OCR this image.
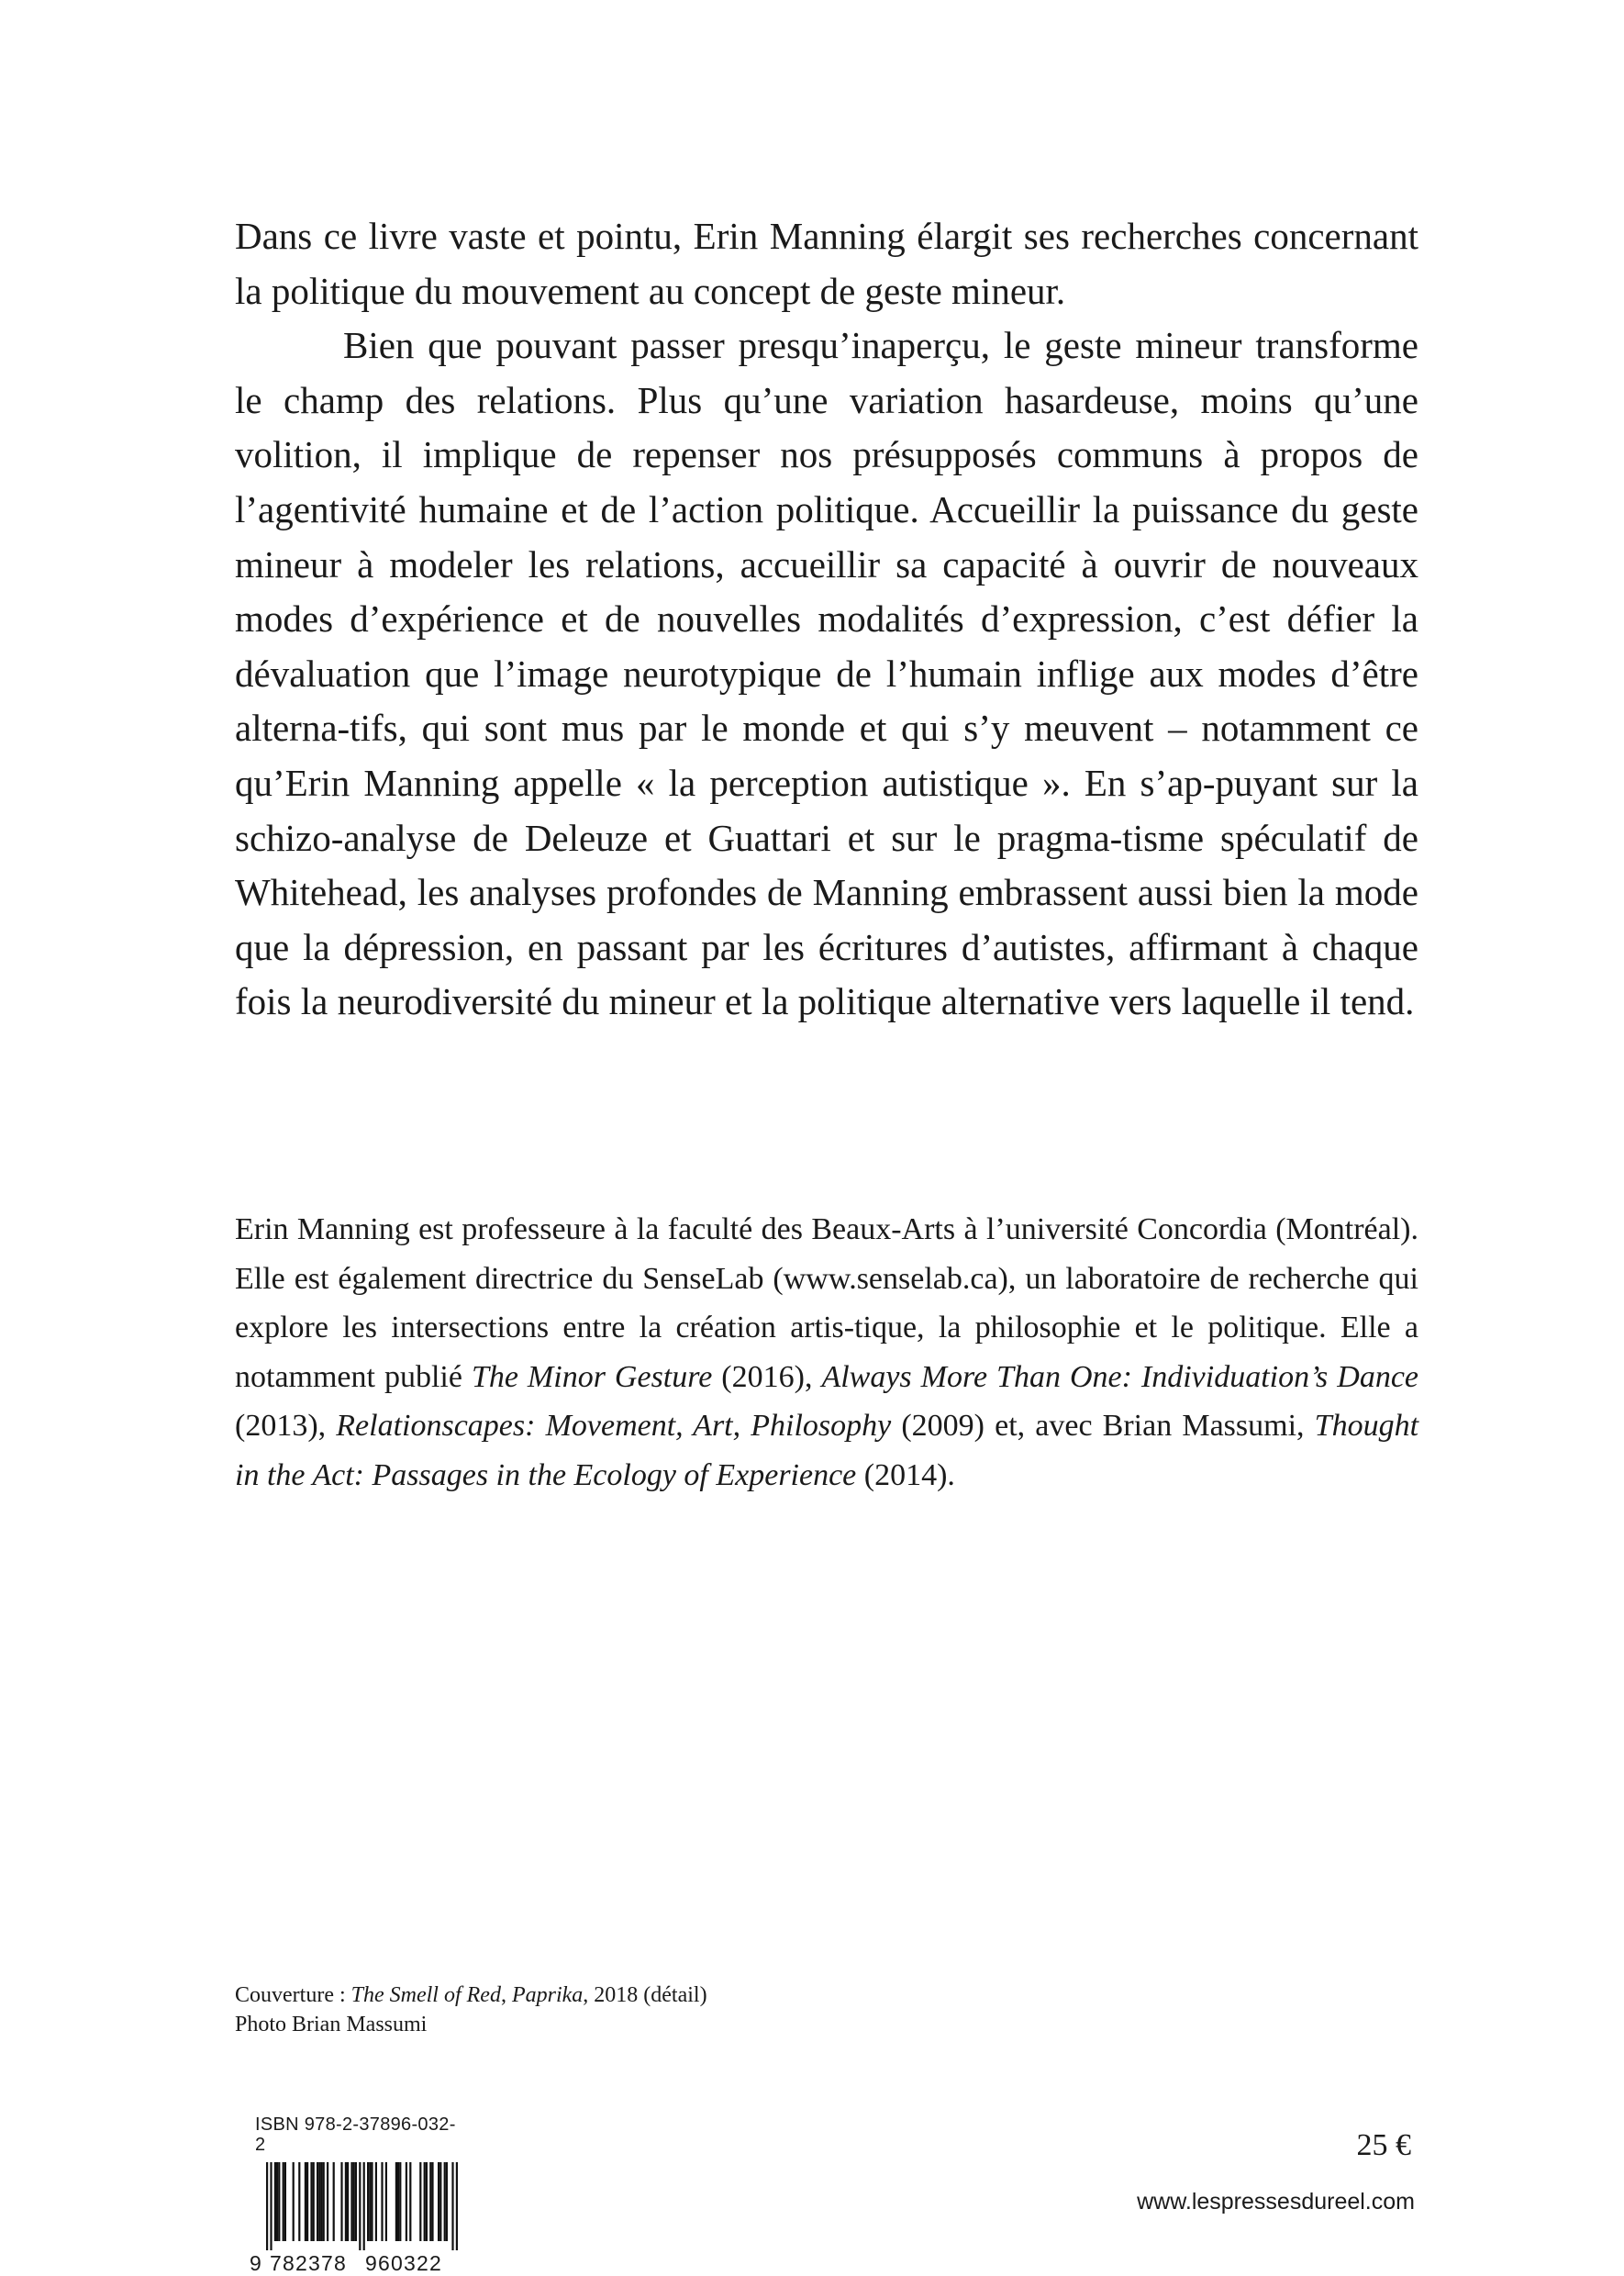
Dans ce livre vaste et pointu, Erin Manning élargit ses recherches concernant la politique du mouvement au concept de geste mineur.

Bien que pouvant passer presqu’inaperçu, le geste mineur transforme le champ des relations. Plus qu’une variation hasardeuse, moins qu’une volition, il implique de repenser nos présupposés communs à propos de l’agentivité humaine et de l’action politique. Accueillir la puissance du geste mineur à modeler les relations, accueillir sa capacité à ouvrir de nouveaux modes d’expérience et de nouvelles modalités d’expression, c’est défier la dévaluation que l’image neurotypique de l’humain inflige aux modes d’être alterna-tifs, qui sont mus par le monde et qui s’y meuvent – notamment ce qu’Erin Manning appelle « la perception autistique ». En s’ap-puyant sur la schizo-analyse de Deleuze et Guattari et sur le pragma-tisme spéculatif de Whitehead, les analyses profondes de Manning embrassent aussi bien la mode que la dépression, en passant par les écritures d’autistes, affirmant à chaque fois la neurodiversité du mineur et la politique alternative vers laquelle il tend.

Erin Manning est professeure à la faculté des Beaux-Arts à l’université Concordia (Montréal). Elle est également directrice du SenseLab (www.senselab.ca), un laboratoire de recherche qui explore les intersections entre la création artis-tique, la philosophie et le politique. Elle a notamment publié The Minor Gesture (2016), Always More Than One: Individuation’s Dance (2013), Relationscapes: Movement, Art, Philosophy (2009) et, avec Brian Massumi, Thought in the Act: Passages in the Ecology of Experience (2014).

Couverture : The Smell of Red, Paprika, 2018 (détail)
Photo Brian Massumi
ISBN 978-2-37896-032-2
9 782378 960322
25 €
www.lespressesdureel.com
